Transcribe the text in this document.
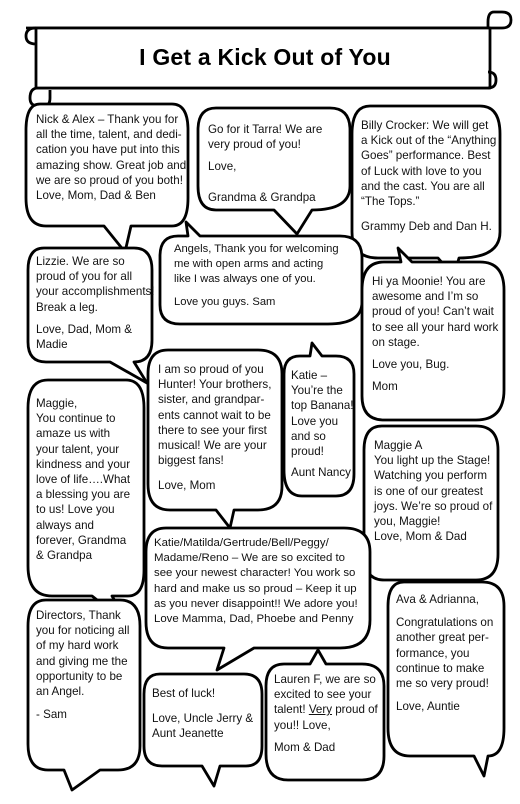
I Get a Kick Out of You

Nick & Alex – Thank you for
all the time, talent, and dedi-
cation you have put into this
amazing show. Great job and
we are so proud of you both!
Love, Mom, Dad & Ben

Go for it Tarra! We are
very proud of you!

Love,

Grandma & Grandpa

Billy Crocker: We will get
a Kick out of the “Anything
Goes” performance. Best
of Luck with love to you
and the cast. You are all
“The Tops.”

Grammy Deb and Dan H.

Angels, Thank you for welcoming
me with open arms and acting
like I was always one of you.

Love you guys. Sam

Lizzie. We are so
proud of you for all
your accomplishments!
Break a leg.

Love, Dad, Mom &
Madie

Hi ya Moonie! You are
awesome and I’m so
proud of you! Can’t wait
to see all your hard work
on stage.

Love you, Bug.

Mom

I am so proud of you
Hunter! Your brothers,
sister, and grandpar-
ents cannot wait to be
there to see your first
musical! We are your
biggest fans!

Love, Mom

Katie –
You’re the
top Banana!
Love you
and so
proud!

Aunt Nancy

Maggie,
You continue to
amaze us with
your talent, your
kindness and your
love of life….What
a blessing you are
to us! Love you
always and
forever, Grandma
& Grandpa

Maggie A
You light up the Stage!
Watching you perform
is one of our greatest
joys. We’re so proud of
you, Maggie!
Love, Mom & Dad

Katie/Matilda/Gertrude/Bell/Peggy/
Madame/Reno – We are so excited to
see your newest character! You work so
hard and make us so proud – Keep it up
as you never disappoint!! We adore you!
Love Mamma, Dad, Phoebe and Penny

Ava & Adrianna,

Congratulations on
another great per-
formance, you
continue to make
me so very proud!

Love, Auntie

Directors, Thank
you for noticing all
of my hard work
and giving me the
opportunity to be
an Angel.

- Sam

Best of luck!

Love, Uncle Jerry &
Aunt Jeanette

Lauren F, we are so
excited to see your
talent! Very proud of
you!! Love,

Mom & Dad
